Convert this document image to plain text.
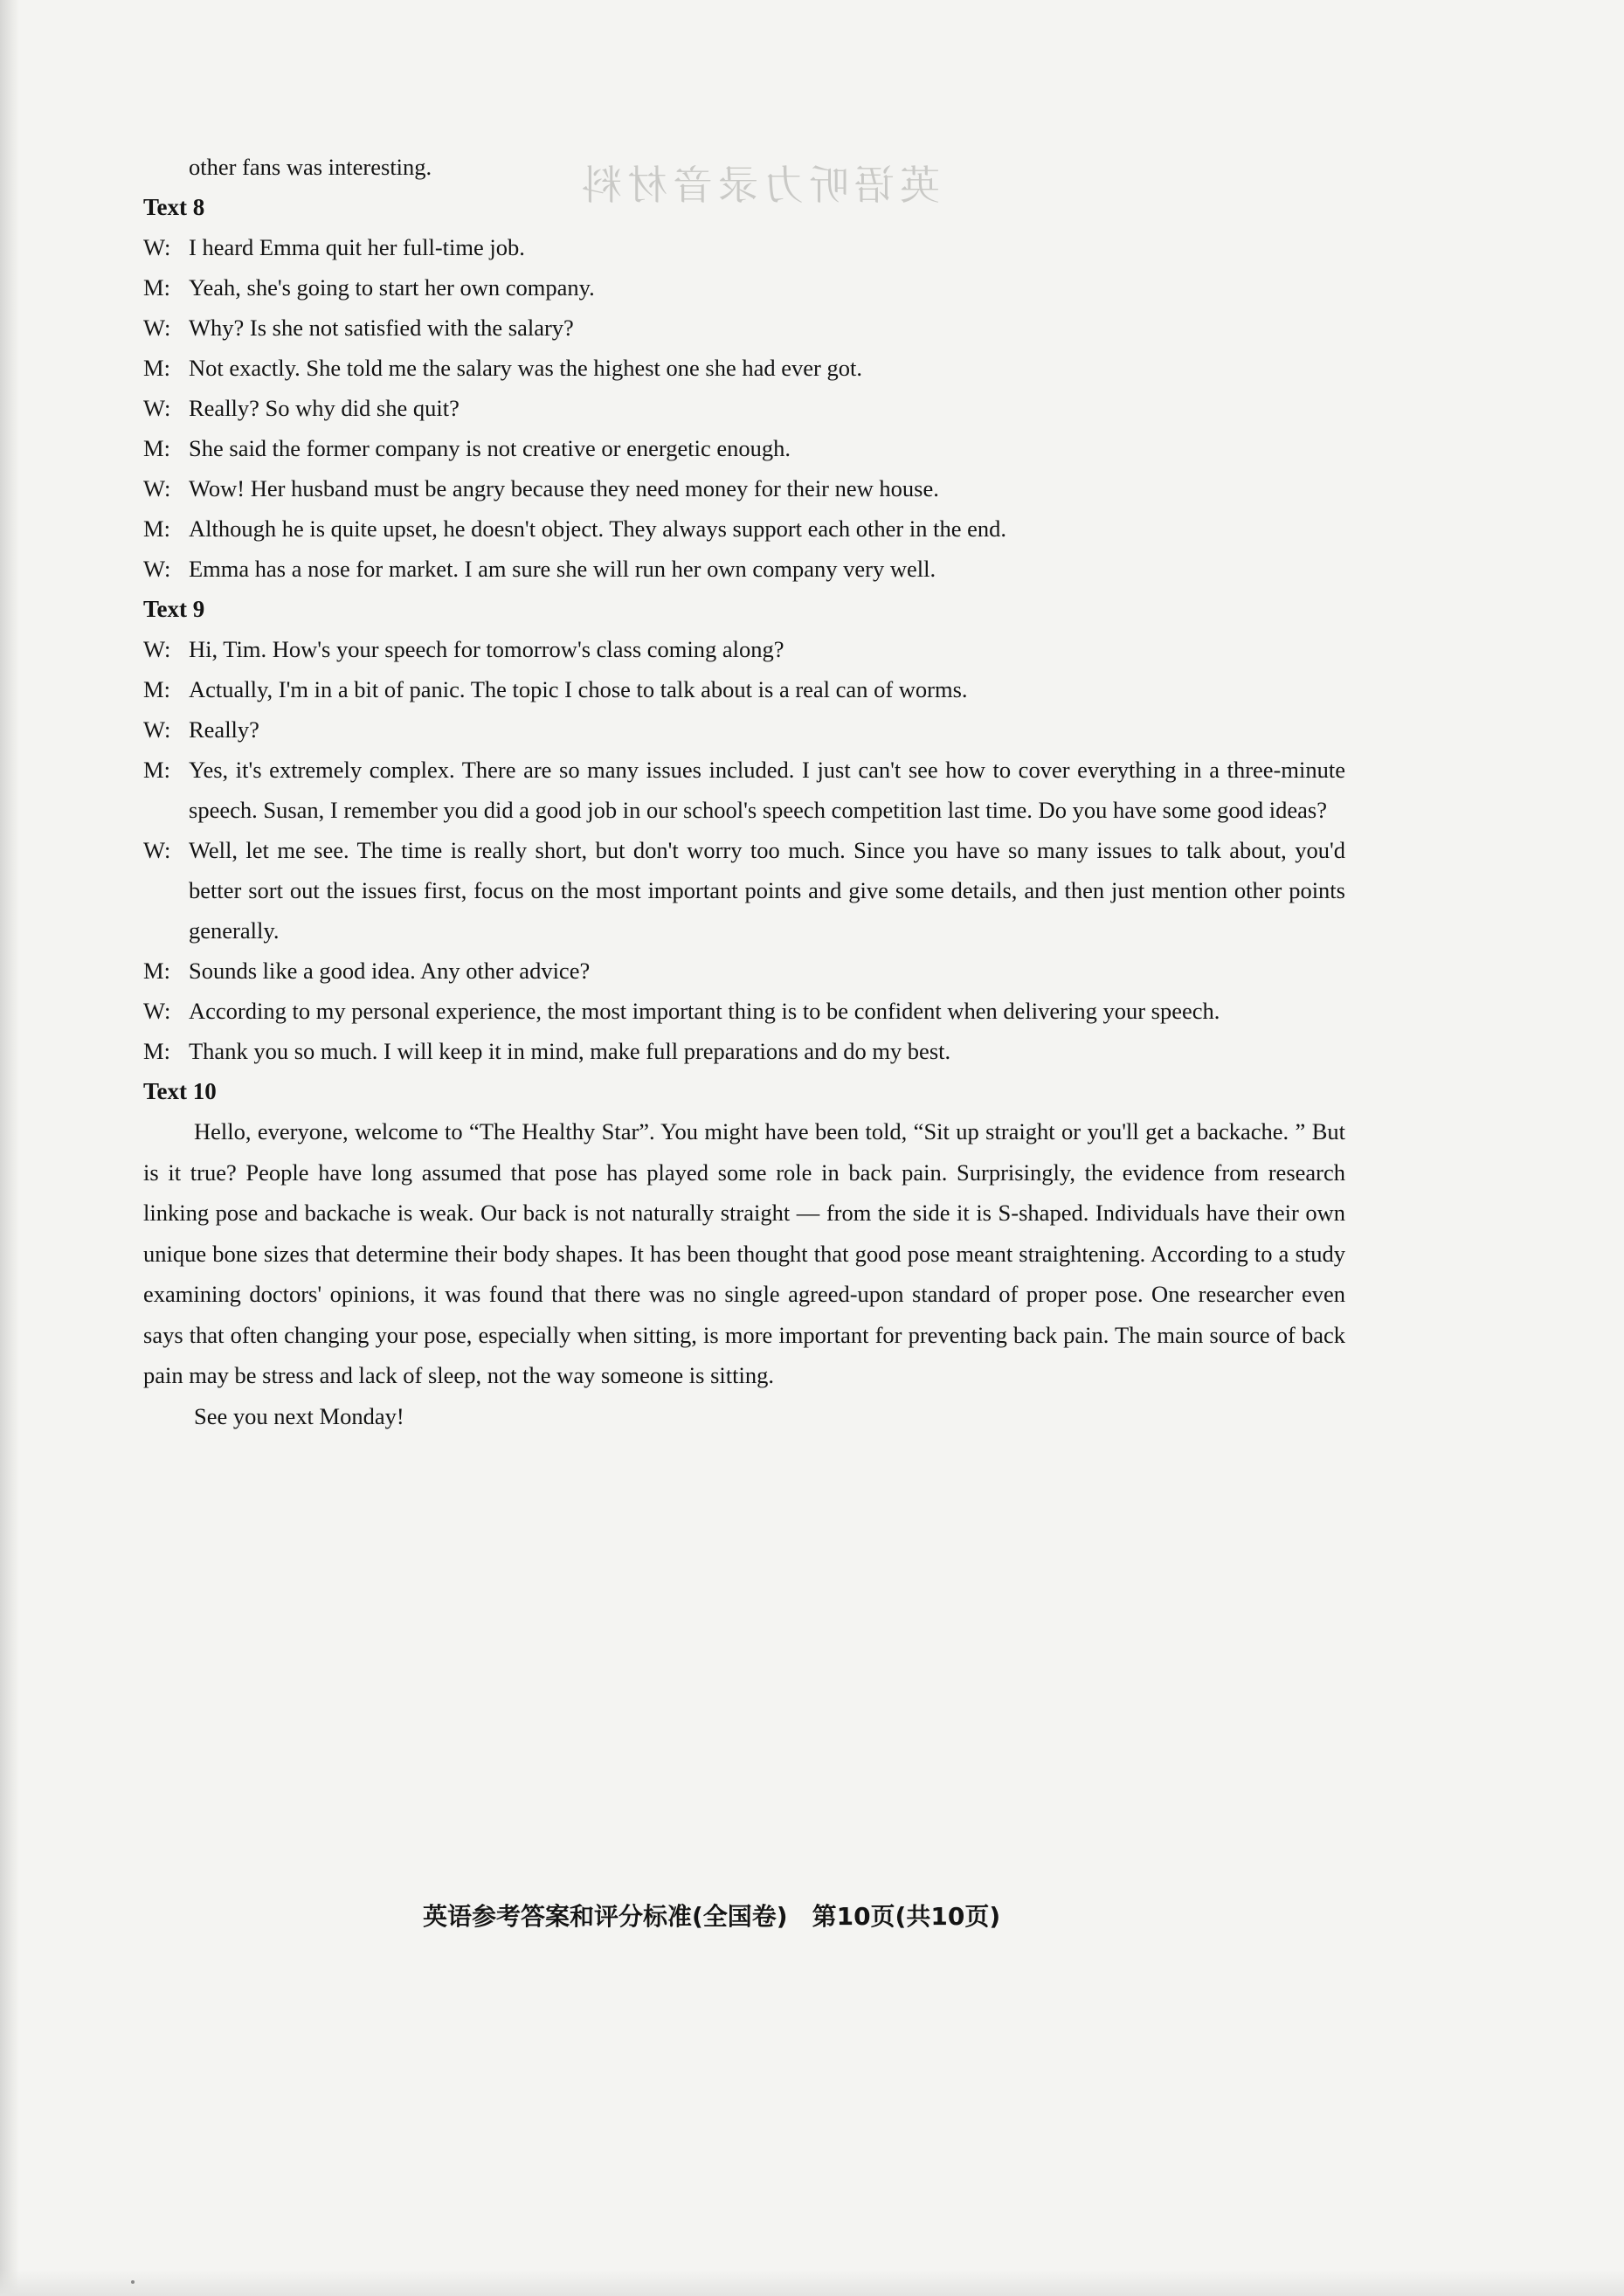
英语听力录音材料
other fans was interesting.
Text 8
W: I heard Emma quit her full-time job.
M: Yeah, she's going to start her own company.
W: Why? Is she not satisfied with the salary?
M: Not exactly. She told me the salary was the highest one she had ever got.
W: Really? So why did she quit?
M: She said the former company is not creative or energetic enough.
W: Wow! Her husband must be angry because they need money for their new house.
M: Although he is quite upset, he doesn't object. They always support each other in the end.
W: Emma has a nose for market. I am sure she will run her own company very well.
Text 9
W: Hi, Tim. How's your speech for tomorrow's class coming along?
M: Actually, I'm in a bit of panic. The topic I chose to talk about is a real can of worms.
W: Really?
M: Yes, it's extremely complex. There are so many issues included. I just can't see how to cover everything in a three-minute speech. Susan, I remember you did a good job in our school's speech competition last time. Do you have some good ideas?
W: Well, let me see. The time is really short, but don't worry too much. Since you have so many issues to talk about, you'd better sort out the issues first, focus on the most important points and give some details, and then just mention other points generally.
M: Sounds like a good idea. Any other advice?
W: According to my personal experience, the most important thing is to be confident when delivering your speech.
M: Thank you so much. I will keep it in mind, make full preparations and do my best.
Text 10

Hello, everyone, welcome to “The Healthy Star”. You might have been told, “Sit up straight or you'll get a backache. ” But is it true? People have long assumed that pose has played some role in back pain. Surprisingly, the evidence from research linking pose and backache is weak. Our back is not naturally straight — from the side it is S-shaped. Individuals have their own unique bone sizes that determine their body shapes. It has been thought that good pose meant straightening. According to a study examining doctors' opinions, it was found that there was no single agreed-upon standard of proper pose. One researcher even says that often changing your pose, especially when sitting, is more important for preventing back pain. The main source of back pain may be stress and lack of sleep, not the way someone is sitting.

See you next Monday!
英语参考答案和评分标准(全国卷)　第10页(共10页)
